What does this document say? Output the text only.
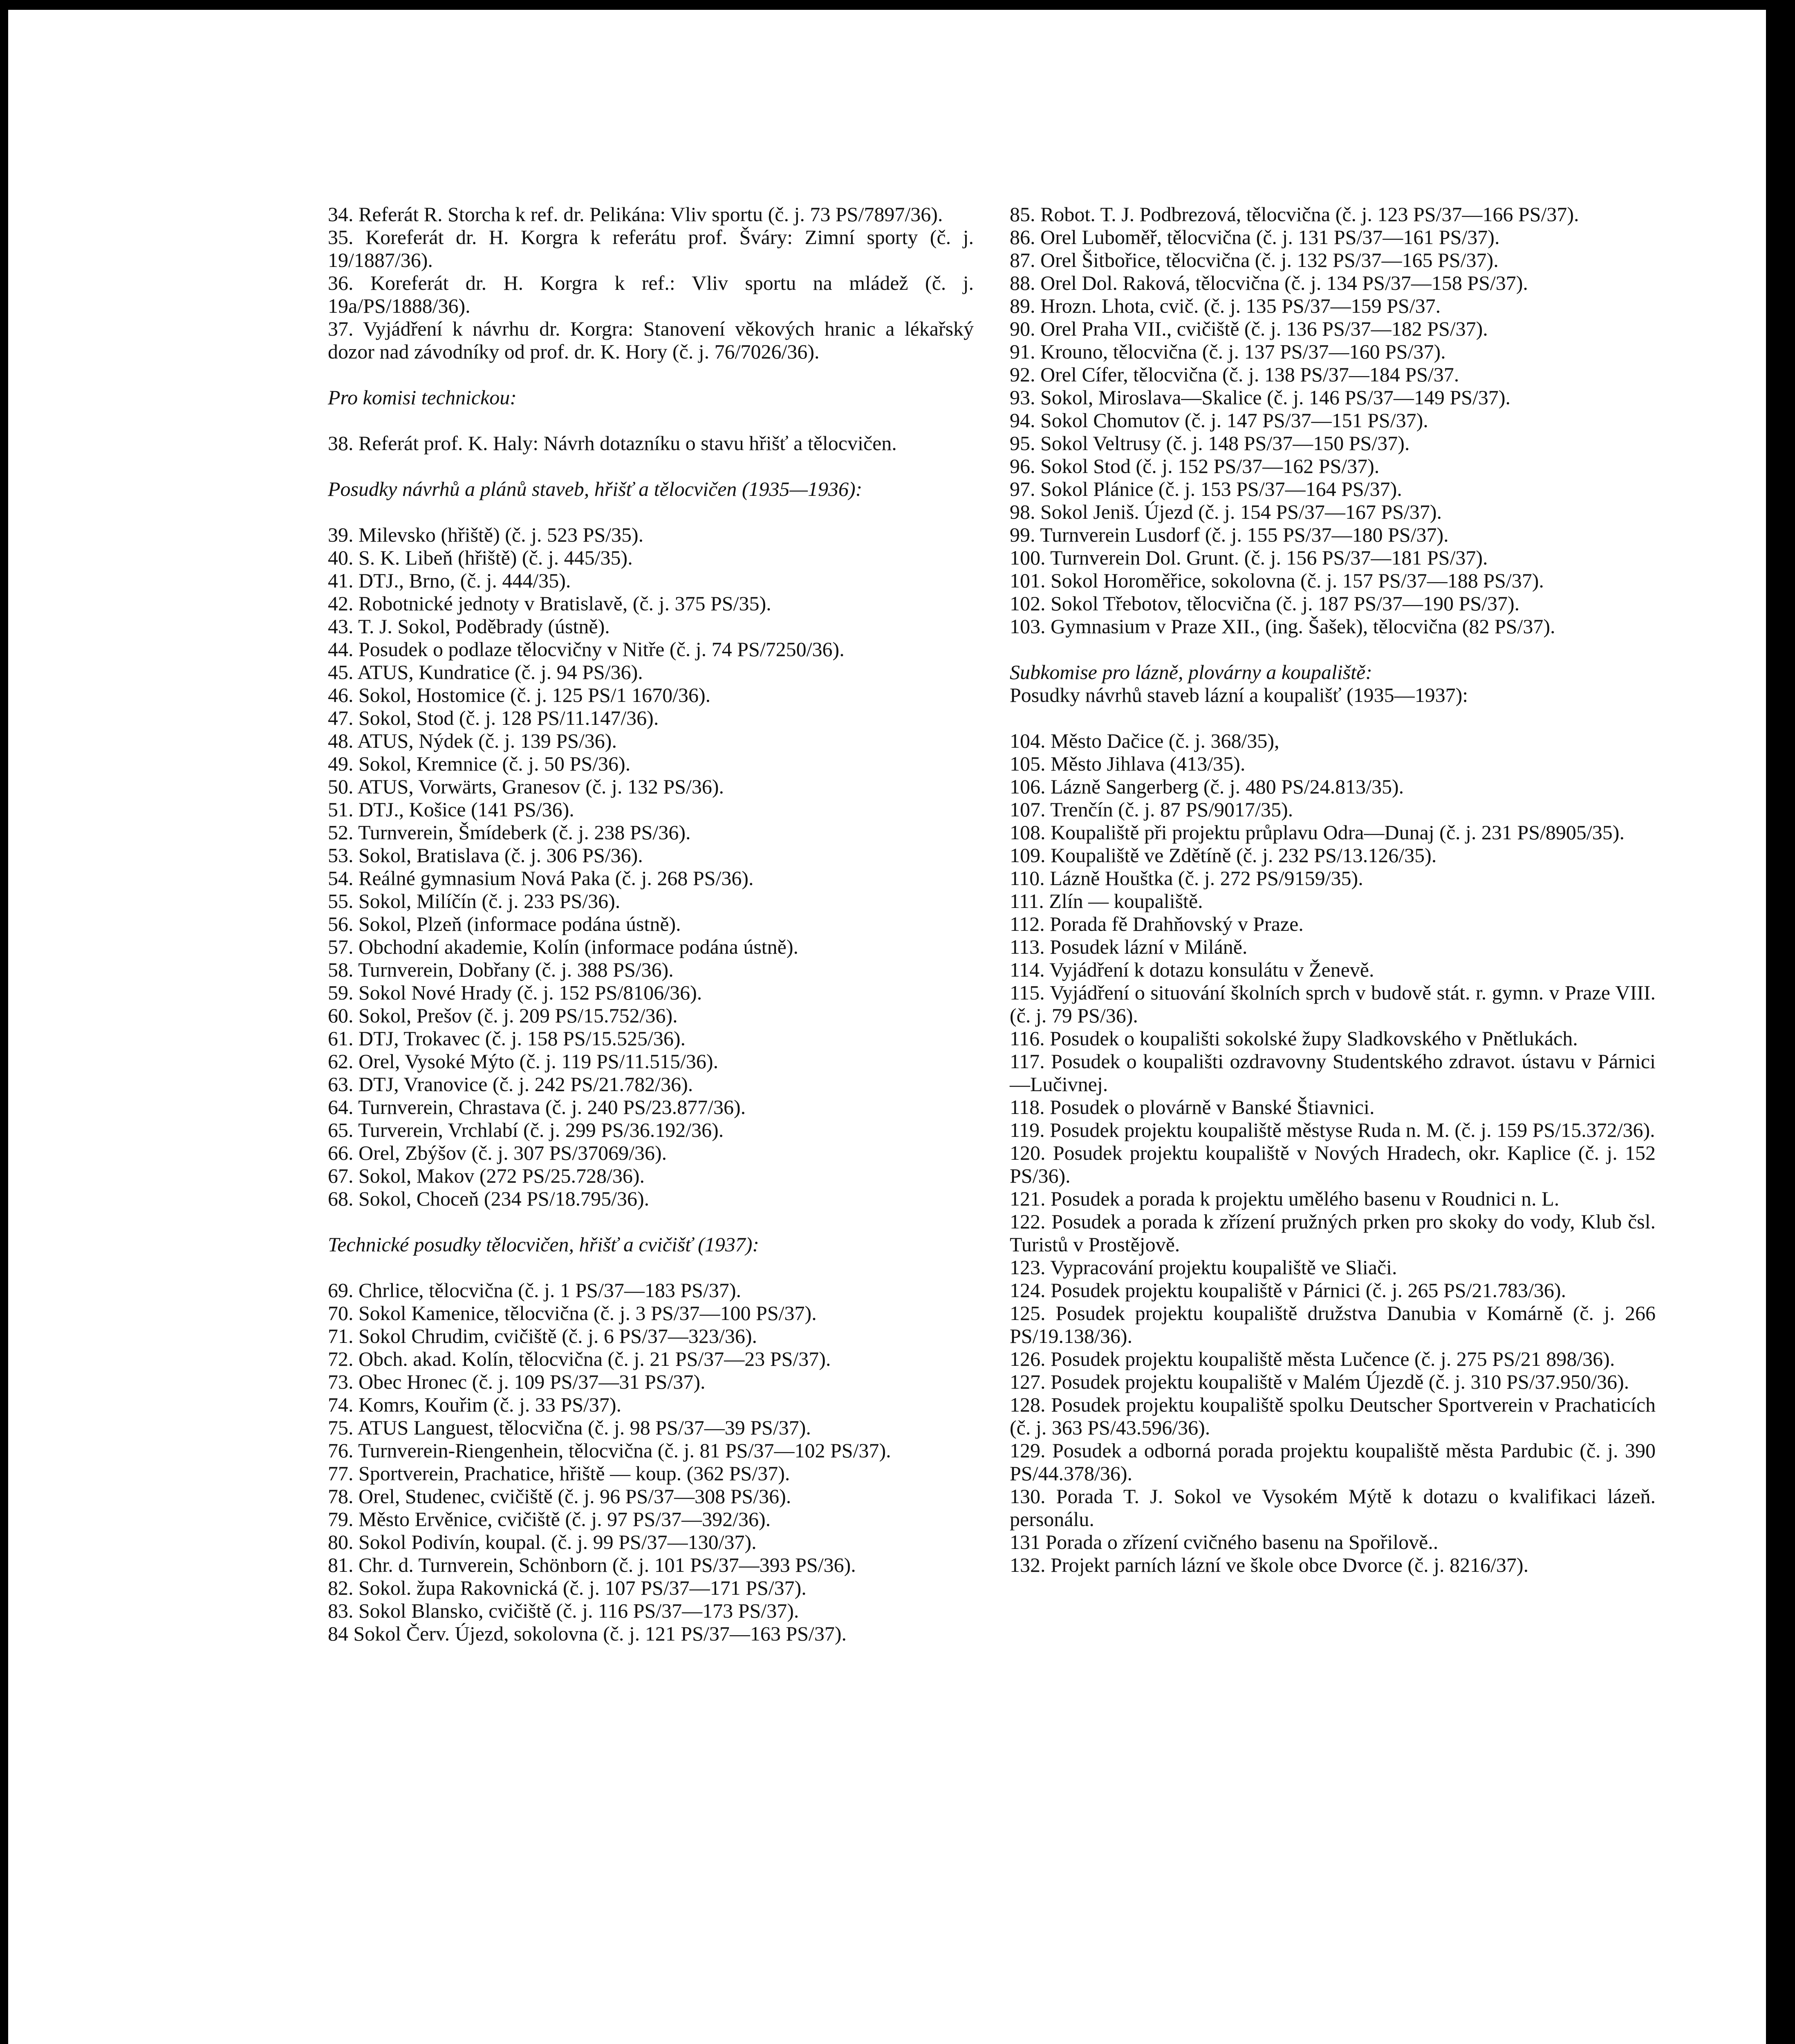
34. Referát R. Storcha k ref. dr. Pelikána: Vliv sportu (č. j. 73 PS/7897/36).

35. Koreferát dr. H. Korgra k referátu prof. Šváry: Zimní sporty (č. j. 19/1887/36).

36. Koreferát dr. H. Korgra k ref.: Vliv sportu na mládež (č. j. 19a/PS/1888/36).

37. Vyjádření k návrhu dr. Korgra: Stanovení věkových hranic a lékařský dozor nad závodníky od prof. dr. K. Hory (č. j. 76/7026/36).

Pro komisi technickou:

38. Referát prof. K. Haly: Návrh dotazníku o stavu hřišť a tělocvičen.

Posudky návrhů a plánů staveb, hřišť a tělocvičen (1935—1936):

39. Milevsko (hřiště) (č. j. 523 PS/35).

40. S. K. Libeň (hřiště) (č. j. 445/35).

41. DTJ., Brno, (č. j. 444/35).

42. Robotnické jednoty v Bratislavě, (č. j. 375 PS/35).

43. T. J. Sokol, Poděbrady (ústně).

44. Posudek o podlaze tělocvičny v Nitře (č. j. 74 PS/7250/36).

45. ATUS, Kundratice (č. j. 94 PS/36).

46. Sokol, Hostomice (č. j. 125 PS/1 1670/36).

47. Sokol, Stod (č. j. 128 PS/11.147/36).

48. ATUS, Nýdek (č. j. 139 PS/36).

49. Sokol, Kremnice (č. j. 50 PS/36).

50. ATUS, Vorwärts, Granesov (č. j. 132 PS/36).

51. DTJ., Košice (141 PS/36).

52. Turnverein, Šmídeberk (č. j. 238 PS/36).

53. Sokol, Bratislava (č. j. 306 PS/36).

54. Reálné gymnasium Nová Paka (č. j. 268 PS/36).

55. Sokol, Milíčín (č. j. 233 PS/36).

56. Sokol, Plzeň (informace podána ústně).

57. Obchodní akademie, Kolín (informace podána ústně).

58. Turnverein, Dobřany (č. j. 388 PS/36).

59. Sokol Nové Hrady (č. j. 152 PS/8106/36).

60. Sokol, Prešov (č. j. 209 PS/15.752/36).

61. DTJ, Trokavec (č. j. 158 PS/15.525/36).

62. Orel, Vysoké Mýto (č. j. 119 PS/11.515/36).

63. DTJ, Vranovice (č. j. 242 PS/21.782/36).

64. Turnverein, Chrastava (č. j. 240 PS/23.877/36).

65. Turverein, Vrchlabí (č. j. 299 PS/36.192/36).

66. Orel, Zbýšov (č. j. 307 PS/37069/36).

67. Sokol, Makov (272 PS/25.728/36).

68. Sokol, Choceň (234 PS/18.795/36).

Technické posudky tělocvičen, hřišť a cvičišť (1937):

69. Chrlice, tělocvična (č. j. 1 PS/37—183 PS/37).

70. Sokol Kamenice, tělocvična (č. j. 3 PS/37—100 PS/37).

71. Sokol Chrudim, cvičiště (č. j. 6 PS/37—323/36).

72. Obch. akad. Kolín, tělocvična (č. j. 21 PS/37—23 PS/37).

73. Obec Hronec (č. j. 109 PS/37—31 PS/37).

74. Komrs, Kouřim (č. j. 33 PS/37).

75. ATUS Languest, tělocvična (č. j. 98 PS/37—39 PS/37).

76. Turnverein-Riengenhein, tělocvična (č. j. 81 PS/37—102 PS/37).

77. Sportverein, Prachatice, hřiště — koup. (362 PS/37).

78. Orel, Studenec, cvičiště (č. j. 96 PS/37—308 PS/36).

79. Město Ervěnice, cvičiště (č. j. 97 PS/37—392/36).

80. Sokol Podivín, koupal. (č. j. 99 PS/37—130/37).

81. Chr. d. Turnverein, Schönborn (č. j. 101 PS/37—393 PS/36).

82. Sokol. župa Rakovnická (č. j. 107 PS/37—171 PS/37).

83. Sokol Blansko, cvičiště (č. j. 116 PS/37—173 PS/37).

84 Sokol Červ. Újezd, sokolovna (č. j. 121 PS/37—163 PS/37).

85. Robot. T. J. Podbrezová, tělocvična (č. j. 123 PS/37—166 PS/37).

86. Orel Luboměř, tělocvična (č. j. 131 PS/37—161 PS/37).

87. Orel Šitbořice, tělocvična (č. j. 132 PS/37—165 PS/37).

88. Orel Dol. Raková, tělocvična (č. j. 134 PS/37—158 PS/37).

89. Hrozn. Lhota, cvič. (č. j. 135 PS/37—159 PS/37.

90. Orel Praha VII., cvičiště (č. j. 136 PS/37—182 PS/37).

91. Krouno, tělocvična (č. j. 137 PS/37—160 PS/37).

92. Orel Cífer, tělocvična (č. j. 138 PS/37—184 PS/37.

93. Sokol, Miroslava—Skalice (č. j. 146 PS/37—149 PS/37).

94. Sokol Chomutov (č. j. 147 PS/37—151 PS/37).

95. Sokol Veltrusy (č. j. 148 PS/37—150 PS/37).

96. Sokol Stod (č. j. 152 PS/37—162 PS/37).

97. Sokol Plánice (č. j. 153 PS/37—164 PS/37).

98. Sokol Jeniš. Újezd (č. j. 154 PS/37—167 PS/37).

99. Turnverein Lusdorf (č. j. 155 PS/37—180 PS/37).

100. Turnverein Dol. Grunt. (č. j. 156 PS/37—181 PS/37).

101. Sokol Horoměřice, sokolovna (č. j. 157 PS/37—188 PS/37).

102. Sokol Třebotov, tělocvična (č. j. 187 PS/37—190 PS/37).

103. Gymnasium v Praze XII., (ing. Šašek), tělocvična (82 PS/37).

Subkomise pro lázně, plovárny a koupaliště:

Posudky návrhů staveb lázní a koupališť (1935—1937):

104. Město Dačice (č. j. 368/35),

105. Město Jihlava (413/35).

106. Lázně Sangerberg (č. j. 480 PS/24.813/35).

107. Trenčín (č. j. 87 PS/9017/35).

108. Koupaliště při projektu průplavu Odra—Dunaj (č. j. 231 PS/8905/35).

109. Koupaliště ve Zdětíně (č. j. 232 PS/13.126/35).

110. Lázně Houštka (č. j. 272 PS/9159/35).

111. Zlín — koupaliště.

112. Porada fě Drahňovský v Praze.

113. Posudek lázní v Miláně.

114. Vyjádření k dotazu konsulátu v Ženevě.

115. Vyjádření o situování školních sprch v budově stát. r. gymn. v Praze VIII. (č. j. 79 PS/36).

116. Posudek o koupališti sokolské župy Sladkovského v Pnětlukách.

117. Posudek o koupališti ozdravovny Studentského zdravot. ústavu v Párnici—Lučivnej.

118. Posudek o plovárně v Banské Štiavnici.

119. Posudek projektu koupaliště městyse Ruda n. M. (č. j. 159 PS/15.372/36).

120. Posudek projektu koupaliště v Nových Hradech, okr. Kaplice (č. j. 152 PS/36).

121. Posudek a porada k projektu umělého basenu v Roudnici n. L.

122. Posudek a porada k zřízení pružných prken pro skoky do vody, Klub čsl. Turistů v Prostějově.

123. Vypracování projektu koupaliště ve Sliači.

124. Posudek projektu koupaliště v Párnici (č. j. 265 PS/21.783/36).

125. Posudek projektu koupaliště družstva Danubia v Komárně (č. j. 266 PS/19.138/36).

126. Posudek projektu koupaliště města Lučence (č. j. 275 PS/21 898/36).

127. Posudek projektu koupaliště v Malém Újezdě (č. j. 310 PS/37.950/36).

128. Posudek projektu koupaliště spolku Deutscher Sportverein v Prachaticích (č. j. 363 PS/43.596/36).

129. Posudek a odborná porada projektu koupaliště města Pardubic (č. j. 390 PS/44.378/36).

130. Porada T. J. Sokol ve Vysokém Mýtě k dotazu o kvalifikaci lázeň. personálu.

131 Porada o zřízení cvičného basenu na Spořilově..

132. Projekt parních lázní ve škole obce Dvorce (č. j. 8216/37).
